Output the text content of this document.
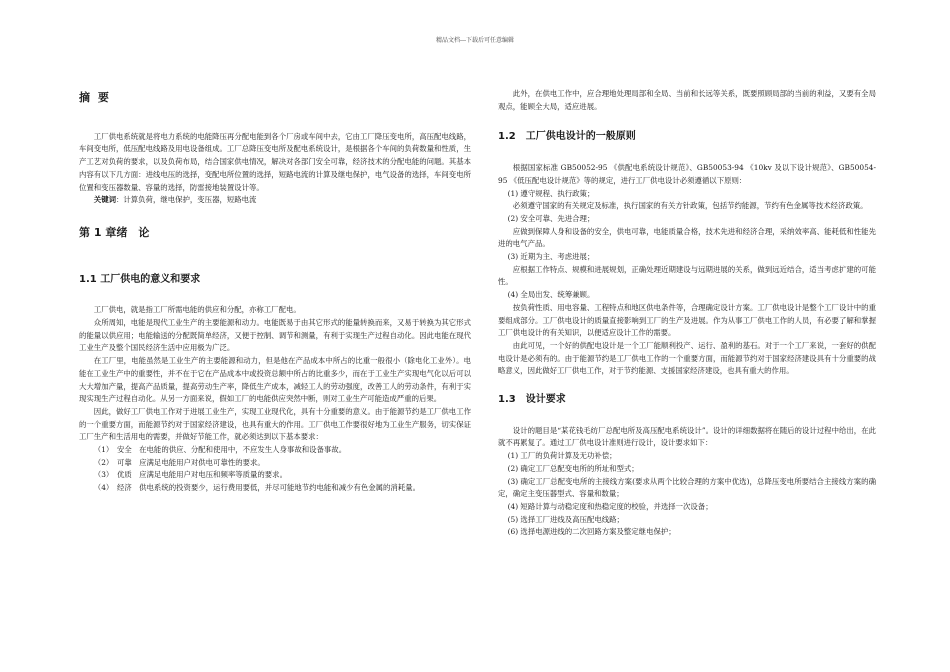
精品文档---下载后可任意编辑
摘 要

工厂供电系统就是将电力系统的电能降压再分配电能到各个厂房或车间中去，它由工厂降压变电所，高压配电线路，车间变电所，低压配电线路及用电设备组成。工厂总降压变电所及配电系统设计，是根据各个车间的负荷数量和性质，生产工艺对负荷的要求，以及负荷布局，结合国家供电情况，解决对各部门安全可靠，经济技术的分配电能的问题。其基本内容有以下几方面：进线电压的选择，变配电所位置的选择，短路电流的计算及继电保护，电气设备的选择，车间变电所位置和变压器数量、容量的选择，防雷接地装置设计等。

关键词：计算负荷，继电保护，变压器，短路电流

第 1 章绪　论
1.1 工厂供电的意义和要求

工厂供电，就是指工厂所需电能的供应和分配，亦称工厂配电。

众所周知，电能是现代工业生产的主要能源和动力。电能既易于由其它形式的能量转换而来，又易于转换为其它形式的能量以供应用；电能输送的分配既简单经济，又便于控制、调节和测量，有利于实现生产过程自动化。因此电能在现代工业生产及整个国民经济生活中应用极为广泛。

在工厂里，电能虽然是工业生产的主要能源和动力，但是他在产品成本中所占的比重一般很小（除电化工业外）。电能在工业生产中的重要性，并不在于它在产品成本中或投资总额中所占的比重多少，而在于工业生产实现电气化以后可以大大增加产量，提高产品质量，提高劳动生产率，降低生产成本，减轻工人的劳动强度，改善工人的劳动条件，有利于实现实现生产过程自动化。从另一方面来说，假如工厂的电能供应突然中断，则对工业生产可能造成严重的后果。

因此，做好工厂供电工作对于进展工业生产，实现工业现代化，具有十分重要的意义。由于能源节约是工厂供电工作的一个重要方面，而能源节约对于国家经济建设，也具有重大的作用。工厂供电工作要很好地为工业生产服务，切实保证工厂生产和生活用电的需要，并做好节能工作，就必须达到以下基本要求：

（1）　安全　在电能的供应、分配和使用中，不应发生人身事故和设备事故。

（2）　可靠　应满足电能用户对供电可靠性的要求。

（3）　优质　应满足电能用户对电压和频率等质量的要求。

（4）　经济　供电系统的投资要少，运行费用要低，并尽可能地节约电能和减少有色金属的消耗量。

此外，在供电工作中，应合理地处理局部和全局、当前和长远等关系，既要照顾局部的当前的利益，又要有全局观点，能顾全大局，适应进展。

1.2　工厂供电设计的一般原则

根据国家标准 GB50052-95 《供配电系统设计规范》、GB50053-94 《10kv 及以下设计规范》、GB50054-95 《低压配电设计规范》等的规定，进行工厂供电设计必须遵循以下原则：

(1) 遵守规程、执行政策；

必须遵守国家的有关规定及标准，执行国家的有关方针政策，包括节约能源，节约有色金属等技术经济政策。

(2) 安全可靠、先进合理；

应做到保障人身和设备的安全，供电可靠，电能质量合格，技术先进和经济合理，采纳效率高、能耗低和性能先进的电气产品。

(3) 近期为主、考虑进展；

应根据工作特点、规模和进展规划，正确处理近期建设与远期进展的关系，做到远近结合，适当考虑扩建的可能性。

(4) 全局出发、统筹兼顾。

按负荷性质、用电容量、工程特点和地区供电条件等，合理确定设计方案。工厂供电设计是整个工厂设计中的重要组成部分。工厂供电设计的质量直接影响到工厂的生产及进展。作为从事工厂供电工作的人员，有必要了解和掌握工厂供电设计的有关知识，以便适应设计工作的需要。

由此可见，一个好的供配电设计是一个工厂能顺利投产、运行、盈利的基石。对于一个工厂来说，一套好的供配电设计是必须有的。由于能源节约是工厂供电工作的一个重要方面，而能源节约对于国家经济建设具有十分重要的战略意义，因此做好工厂供电工作，对于节约能源、支援国家经济建设，也具有重大的作用。

1.3　设计要求

设计的题目是“某花钱毛纺厂总配电所及高压配电系统设计”。设计的详细数据将在随后的设计过程中给出，在此就不再累复了。通过工厂供电设计准则进行设计，设计要求如下：

(1) 工厂的负荷计算及无功补偿；

(2) 确定工厂总配变电所的所址和型式；

(3) 确定工厂总配变电所的主接线方案(要求从两个比较合理的方案中优选)，总降压变电所要结合主接线方案的确定，确定主变压器型式、容量和数量；

(4) 短路计算与动稳定度和热稳定度的校验，并选择一次设备；

(5) 选择工厂进线及高压配电线路；

(6) 选择电源进线的二次回路方案及整定继电保护；
